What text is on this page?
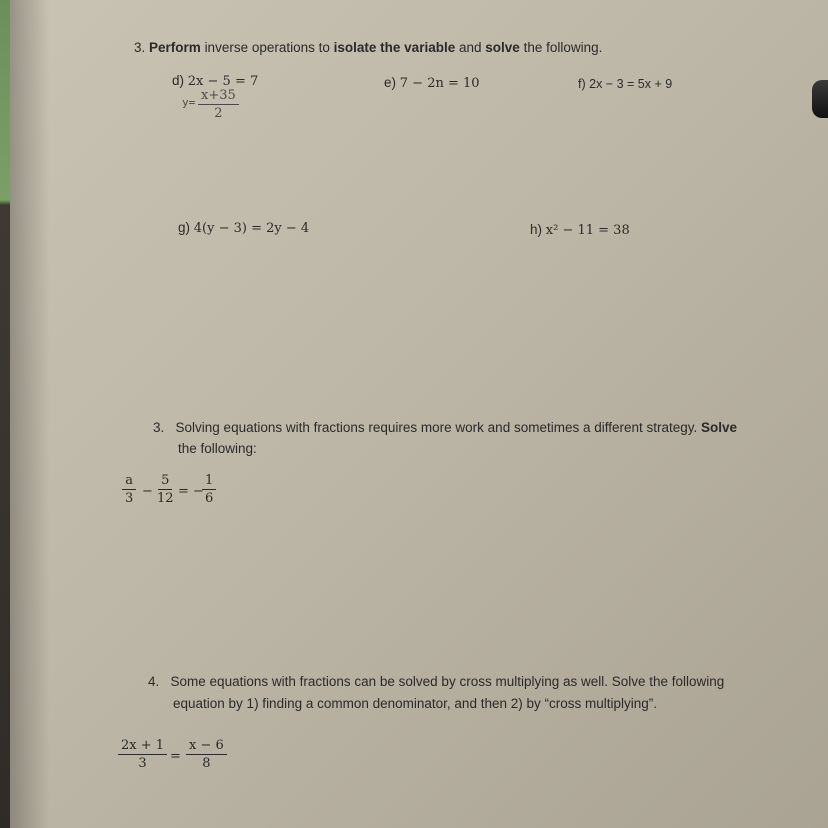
3. Perform inverse operations to isolate the variable and solve the following.
d) 2x − 5 = 7
$y= \frac{x+35}{2}$
e) 7 − 2n = 10	f) 2x − 3 = 5x + 9
g) 4(y − 3) = 2y − 4	h) x² − 11 = 38
3. Solving equations with fractions requires more work and sometimes a different strategy. Solve
the following:
$\frac{a}{3} - \frac{5}{12}$ = −
$\frac{1}{6}$
4. Some equations with fractions can be solved by cross multiplying as well. Solve the following
equation by 1) finding a common denominator, and then 2) by “cross multiplying”.
$\frac{2x + 1}{3} = \frac{x - 6}{8}$
